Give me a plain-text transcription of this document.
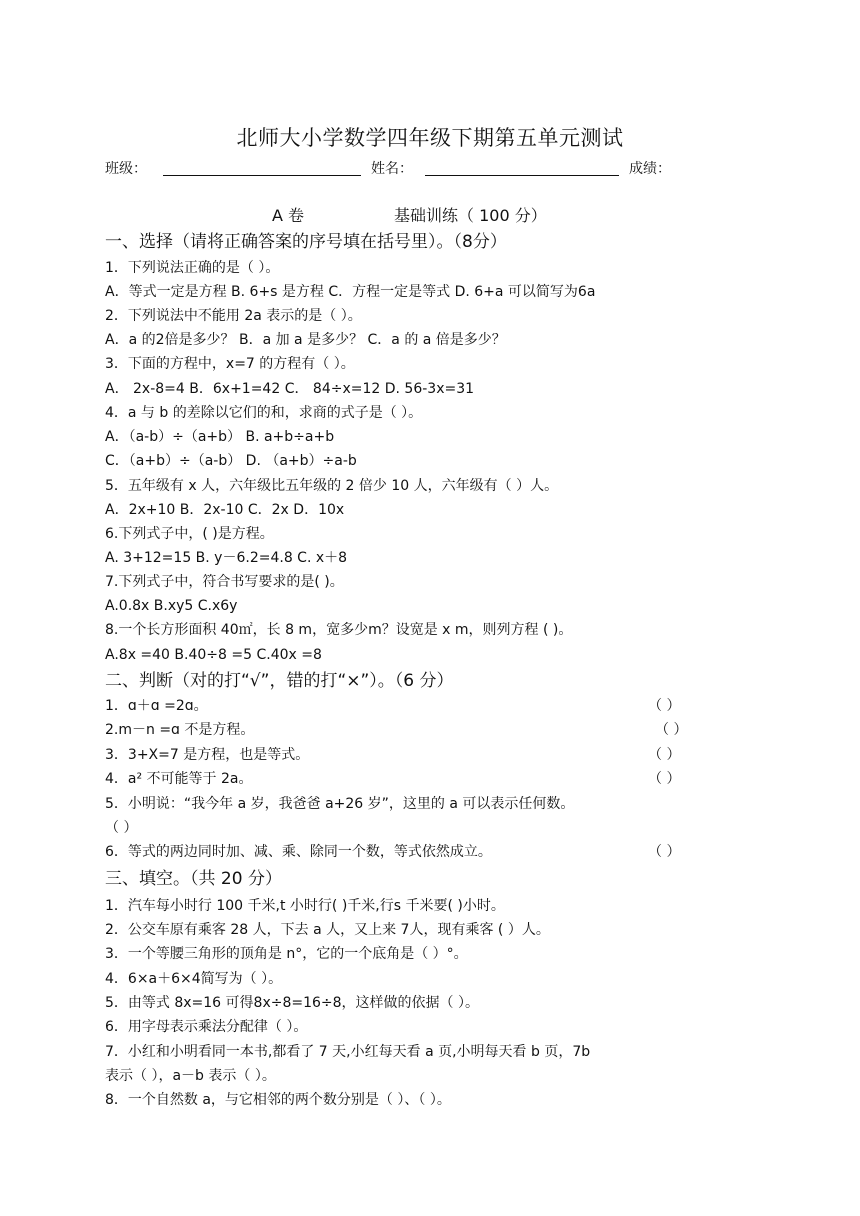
北师大小学数学四年级下期第五单元测试
班级：	姓名：	成绩：
A 卷	基础训练（ 100 分）
一、选择（请将正确答案的序号填在括号里）。（8分）
1．下列说法正确的是（ ）。
A．等式一定是方程 B. 6+s 是方程 C．方程一定是等式 D. 6+a 可以简写为6a
2．下列说法中不能用 2a 表示的是（ ）。
A．a 的2倍是多少？ B．a 加 a 是多少？ C．a 的 a 倍是多少？
3．下面的方程中，x=7 的方程有（ ）。
A． 2x-8=4 B．6x+1=42 C． 84÷x=12 D. 56-3x=31
4．a 与 b 的差除以它们的和，求商的式子是（ ）。
A．（a-b）÷（a+b） B. a+b÷a+b
C．（a+b）÷（a-b） D. （a+b）÷a-b
5．五年级有 x 人，六年级比五年级的 2 倍少 10 人，六年级有（ ）人。
A．2x+10 B．2x-10 C．2x D．10x
6.下列式子中，( )是方程。
A. 3+12=15 B. y－6.2=4.8 C. x＋8
7.下列式子中，符合书写要求的是( )。
A.0.8x B.xy5 C.x6y
8.一个长方形面积 40㎡，长 8 m，宽多少m？设宽是 x m，则列方程 ( )。
A.8x =40 B.40÷8 =5 C.40x =8
二、判断（对的打“√”，错的打“×”）。（6 分）
1．ɑ＋ɑ =2ɑ。	（ ）
2.m－n =ɑ 不是方程。	（ ）
3．3+X=7 是方程，也是等式。	（ ）
4．a² 不可能等于 2a。	（ ）
5．小明说：“我今年 a 岁，我爸爸 a+26 岁”，这里的 a 可以表示任何数。
（ ）
6．等式的两边同时加、减、乘、除同一个数，等式依然成立。	（ ）
三、填空。（共 20 分）
1．汽车每小时行 100 千米,t 小时行( )千米,行s 千米要( )小时。
2．公交车原有乘客 28 人，下去 a 人，又上来 7人，现有乘客 ( ）人。
3．一个等腰三角形的顶角是 n°，它的一个底角是（ ）°。
4．6×a＋6×4简写为（ ）。
5．由等式 8x=16 可得8x÷8=16÷8，这样做的依据（ ）。
6．用字母表示乘法分配律（ ）。
7．小红和小明看同一本书,都看了 7 天,小红每天看 a 页,小明每天看 b 页，7b
表示（ ），a－b 表示（ ）。
8．一个自然数 a，与它相邻的两个数分别是（ ）、（ ）。
